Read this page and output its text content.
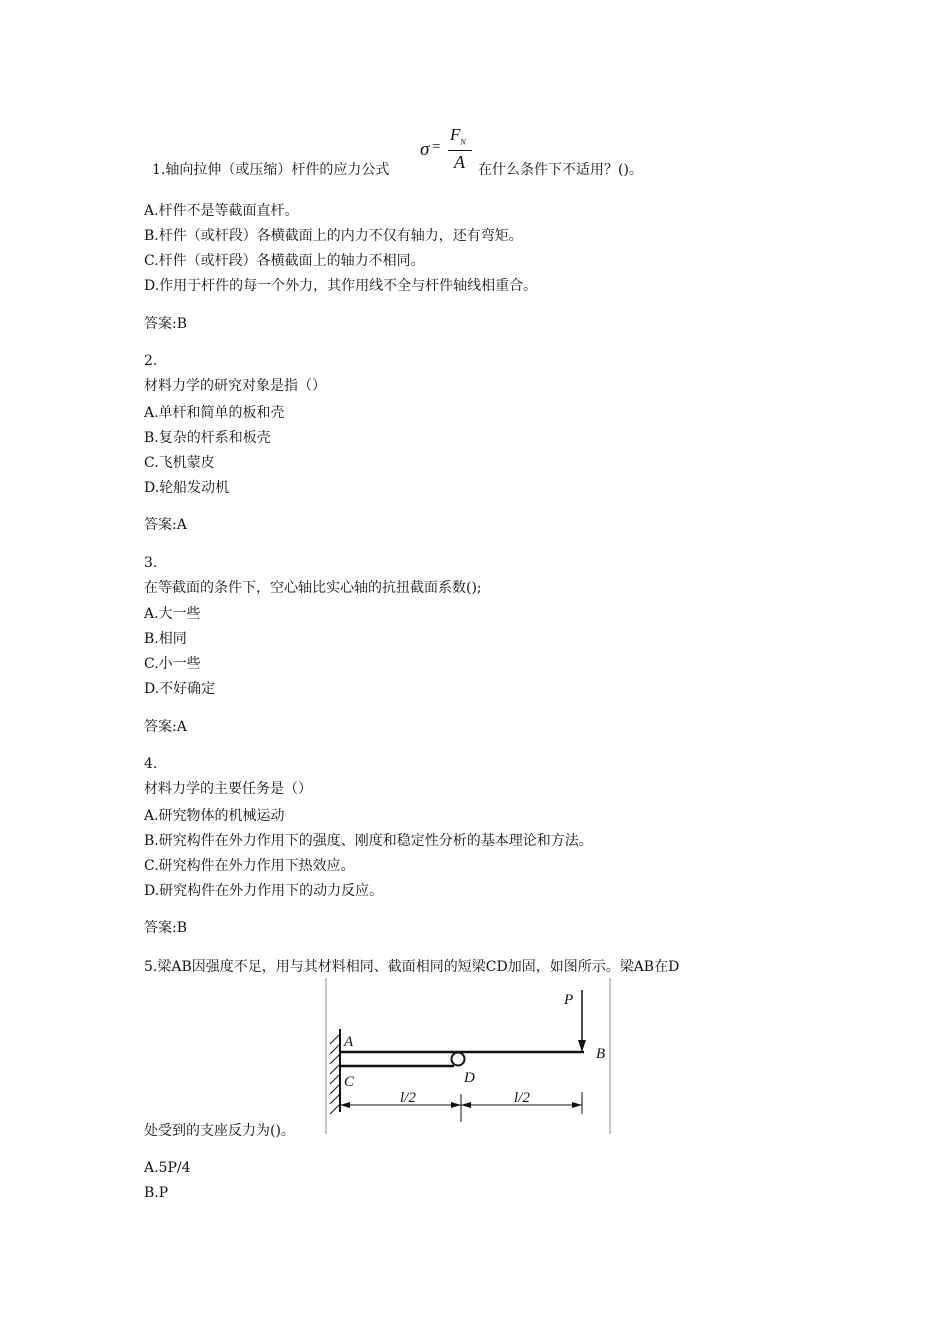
1.轴向拉伸（或压缩）杆件的应力公式
σ =
$F_N$
A 在什么条件下不适用？()。
A.杆件不是等截面直杆。
B.杆件（或杆段）各横截面上的内力不仅有轴力，还有弯矩。
C.杆件（或杆段）各横截面上的轴力不相同。
D.作用于杆件的每一个外力，其作用线不全与杆件轴线相重合。
答案:B
2.
材料力学的研究对象是指（）
A.单杆和简单的板和壳
B.复杂的杆系和板壳
C.飞机蒙皮
D.轮船发动机
答案:A
3.
在等截面的条件下，空心轴比实心轴的抗扭截面系数();
A.大一些
B.相同
C.小一些
D.不好确定
答案:A
4.
材料力学的主要任务是（）
A.研究物体的机械运动
B.研究构件在外力作用下的强度、刚度和稳定性分析的基本理论和方法。
C.研究构件在外力作用下热效应。
D.研究构件在外力作用下的动力反应。
答案:B
5.梁AB因强度不足，用与其材料相同、截面相同的短梁CD加固，如图所示。梁AB在D
P
A
B
C	D
l/2	l/2
处受到的支座反力为()。
A.5P/4
B.P
